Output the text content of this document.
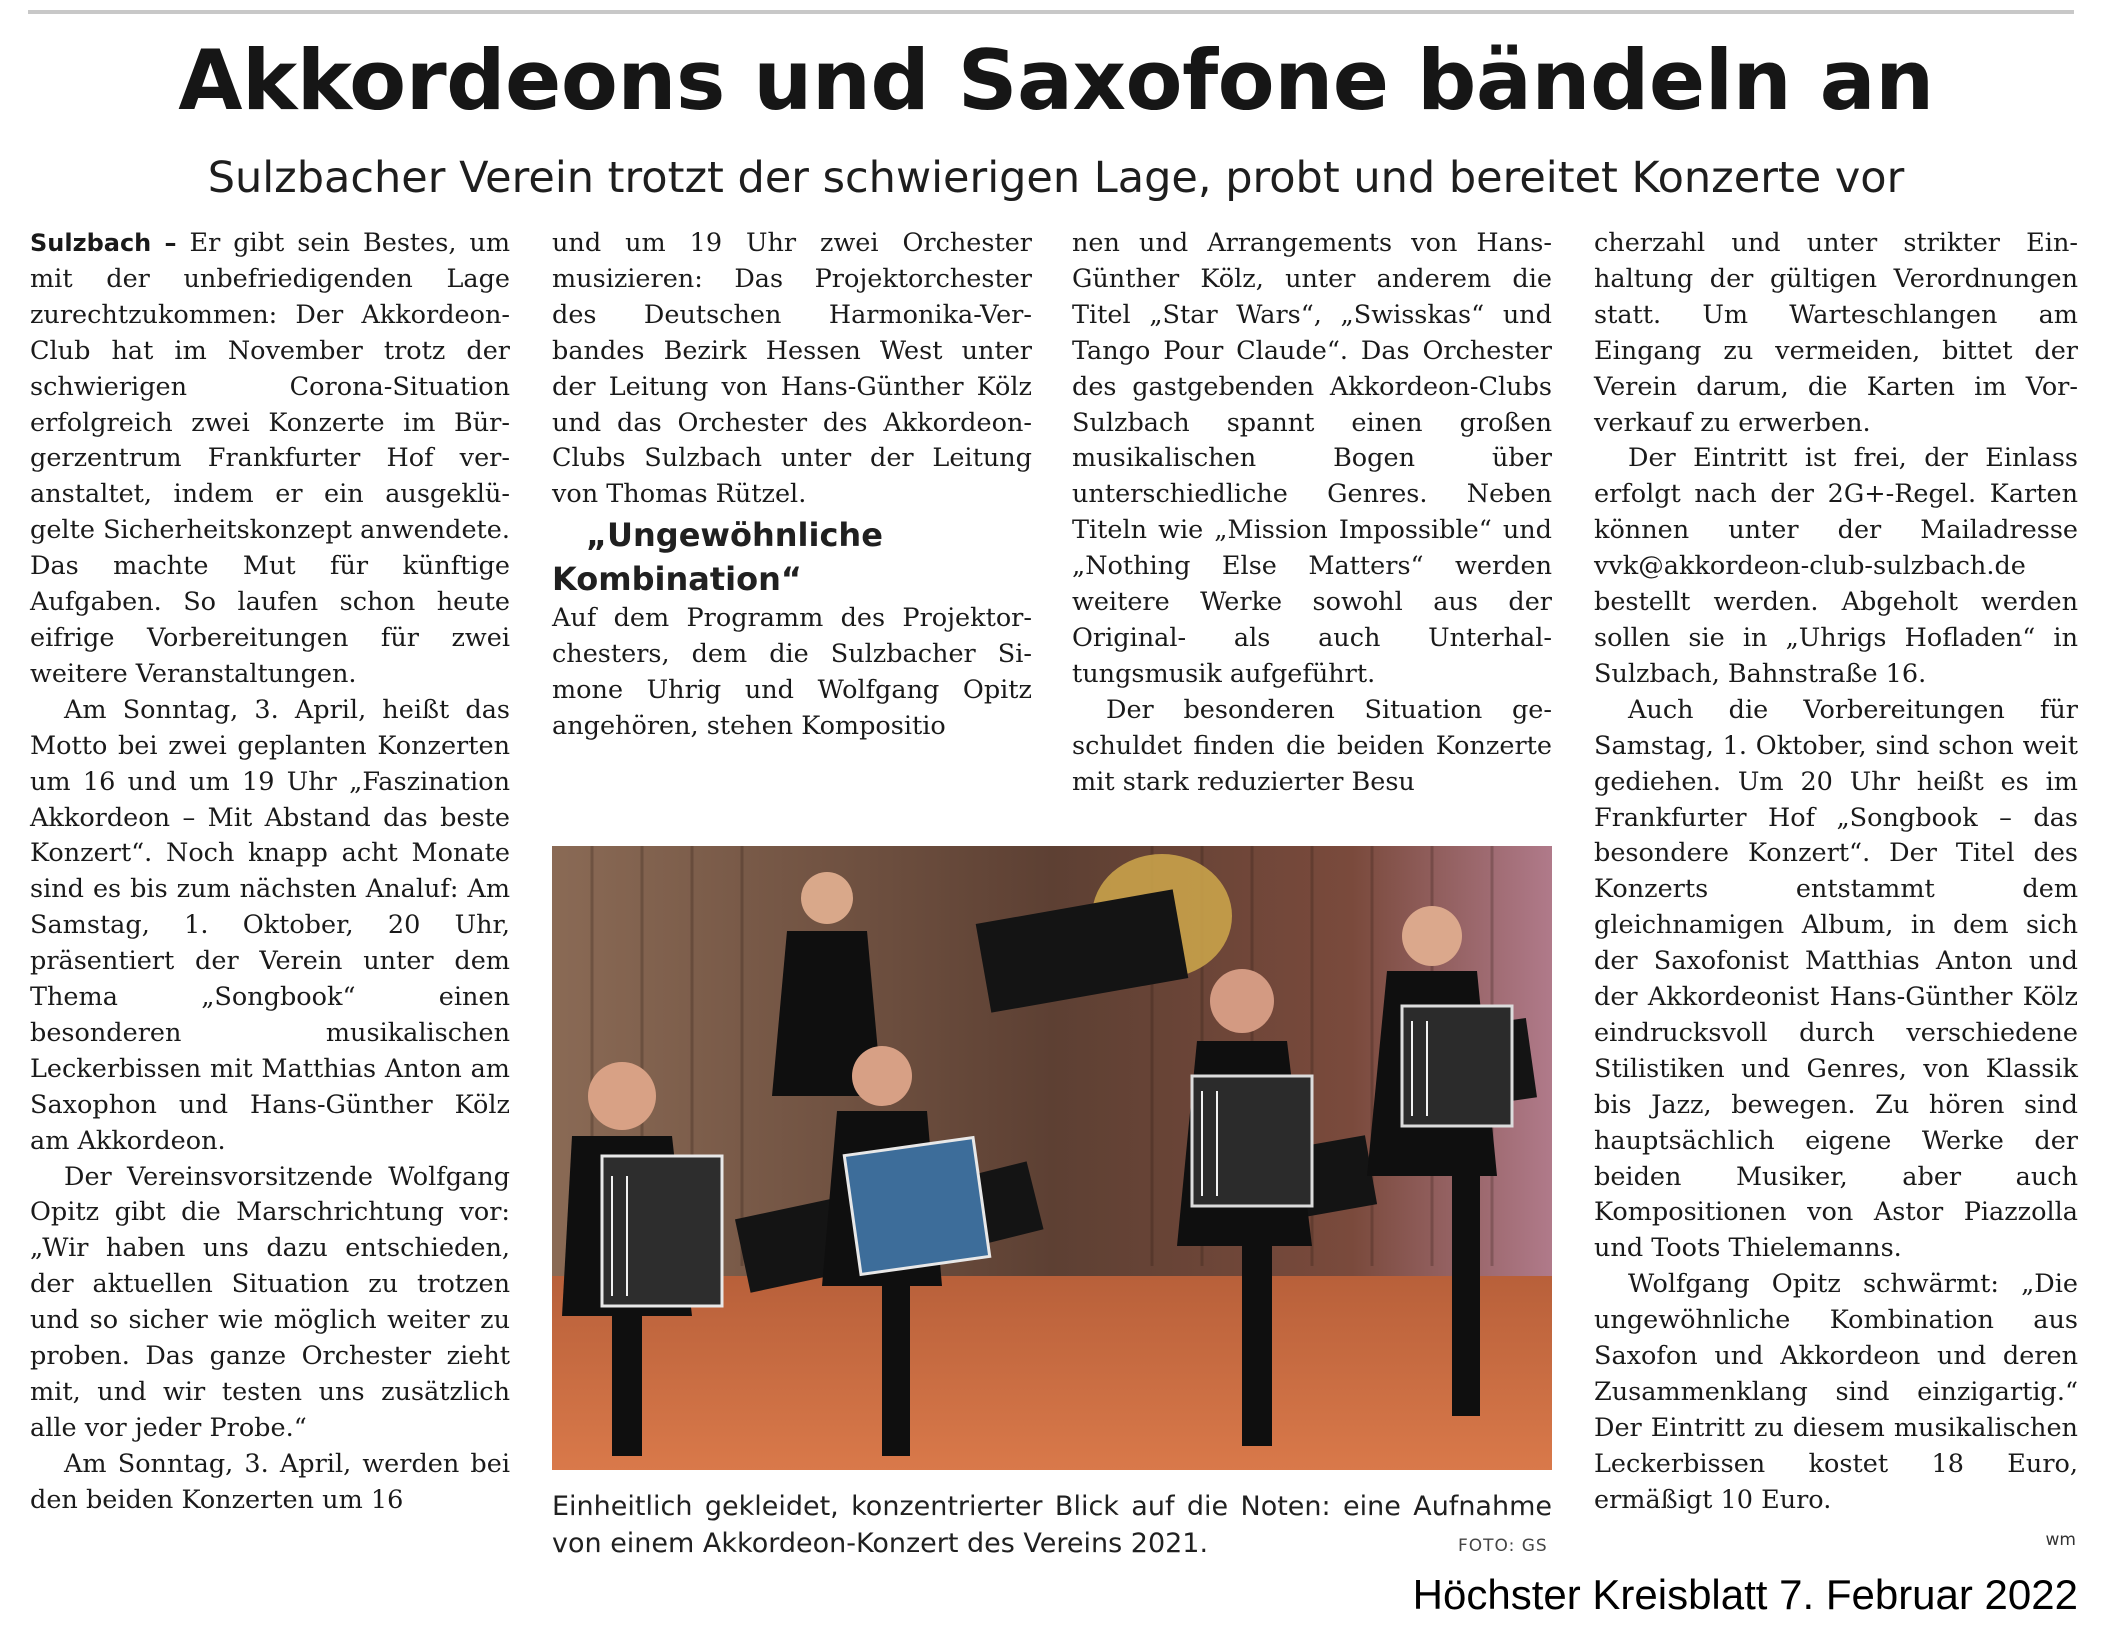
Akkordeons und Saxofone bändeln an
Sulzbacher Verein trotzt der schwierigen Lage, probt und bereitet Konzerte vor

Sulzbach – Er gibt sein Bestes, um mit der unbefriedigenden Lage zurechtzukommen: Der Akkordeon-Club hat im November trotz der schwierigen Corona-Situation erfolgreich zwei Konzerte im Bürgerzentrum Frankfurter Hof veranstaltet, indem er ein ausgeklügelte Sicherheitskonzept anwendete. Das machte Mut für künftige Aufgaben. So laufen schon heute eifrige Vorbereitungen für zwei weitere Veranstaltungen.

Am Sonntag, 3. April, heißt das Motto bei zwei geplanten Konzerten um 16 und um 19 Uhr „Faszination Akkordeon – Mit Abstand das beste Konzert“. Noch knapp acht Monate sind es bis zum nächsten Analuf: Am Samstag, 1. Oktober, 20 Uhr, präsentiert der Verein unter dem Thema „Songbook“ einen besonderen musikalischen Leckerbissen mit Matthias Anton am Saxophon und Hans-Günther Kölz am Akkordeon.

Der Vereinsvorsitzende Wolfgang Opitz gibt die Marschrichtung vor: „Wir haben uns dazu entschieden, der aktuellen Situation zu trotzen und so sicher wie möglich weiter zu proben. Das ganze Orchester zieht mit, und wir testen uns zusätzlich alle vor jeder Probe.“

Am Sonntag, 3. April, werden bei den beiden Konzerten um 16

und um 19 Uhr zwei Orchester musizieren: Das Projektorchester des Deutschen Harmonika-Verbandes Bezirk Hessen West unter der Leitung von Hans-Günther Kölz und das Orchester des Akkordeon-Clubs Sulzbach unter der Leitung von Thomas Rützel.

„Ungewöhnliche Kombination“

Auf dem Programm des Projektorchesters, dem die Sulzbacher Simone Uhrig und Wolfgang Opitz angehören, stehen Kompositio

nen und Arrangements von Hans-Günther Kölz, unter anderem die Titel „Star Wars“, „Swisskas“ und Tango Pour Claude“. Das Orchester des gastgebenden Akkordeon-Clubs Sulzbach spannt einen großen musikalischen Bogen über unterschiedliche Genres. Neben Titeln wie „Mission Impossible“ und „Nothing Else Matters“ werden weitere Werke sowohl aus der Original- als auch Unterhaltungsmusik aufgeführt.

Der besonderen Situation geschuldet finden die beiden Konzerte mit stark reduzierter Besu

cherzahl und unter strikter Einhaltung der gültigen Verordnungen statt. Um Warteschlangen am Eingang zu vermeiden, bittet der Verein darum, die Karten im Vorverkauf zu erwerben.

Der Eintritt ist frei, der Einlass erfolgt nach der 2G+-Regel. Karten können unter der Mailadresse vvk@akkordeon-club-sulzbach.de bestellt werden. Abgeholt werden sollen sie in „Uhrigs Hofladen“ in Sulzbach, Bahnstraße 16.

Auch die Vorbereitungen für Samstag, 1. Oktober, sind schon weit gediehen. Um 20 Uhr heißt es im Frankfurter Hof „Songbook – das besondere Konzert“. Der Titel des Konzerts entstammt dem gleichnamigen Album, in dem sich der Saxofonist Matthias Anton und der Akkordeonist Hans-Günther Kölz eindrucksvoll durch verschiedene Stilistiken und Genres, von Klassik bis Jazz, bewegen. Zu hören sind hauptsächlich eigene Werke der beiden Musiker, aber auch Kompositionen von Astor Piazzolla und Toots Thielemanns.

Wolfgang Opitz schwärmt: „Die ungewöhnliche Kombination aus Saxofon und Akkordeon und deren Zusammenklang sind einzigartig.“ Der Eintritt zu diesem musikalischen Leckerbissen kostet 18 Euro, ermäßigt 10 Euro.

Einheitlich gekleidet, konzentrierter Blick auf die Noten: eine Aufnahme von einem Akkordeon-Konzert des Vereins 2021.	FOTO: GS	wm
Höchster Kreisblatt 7. Februar 2022
